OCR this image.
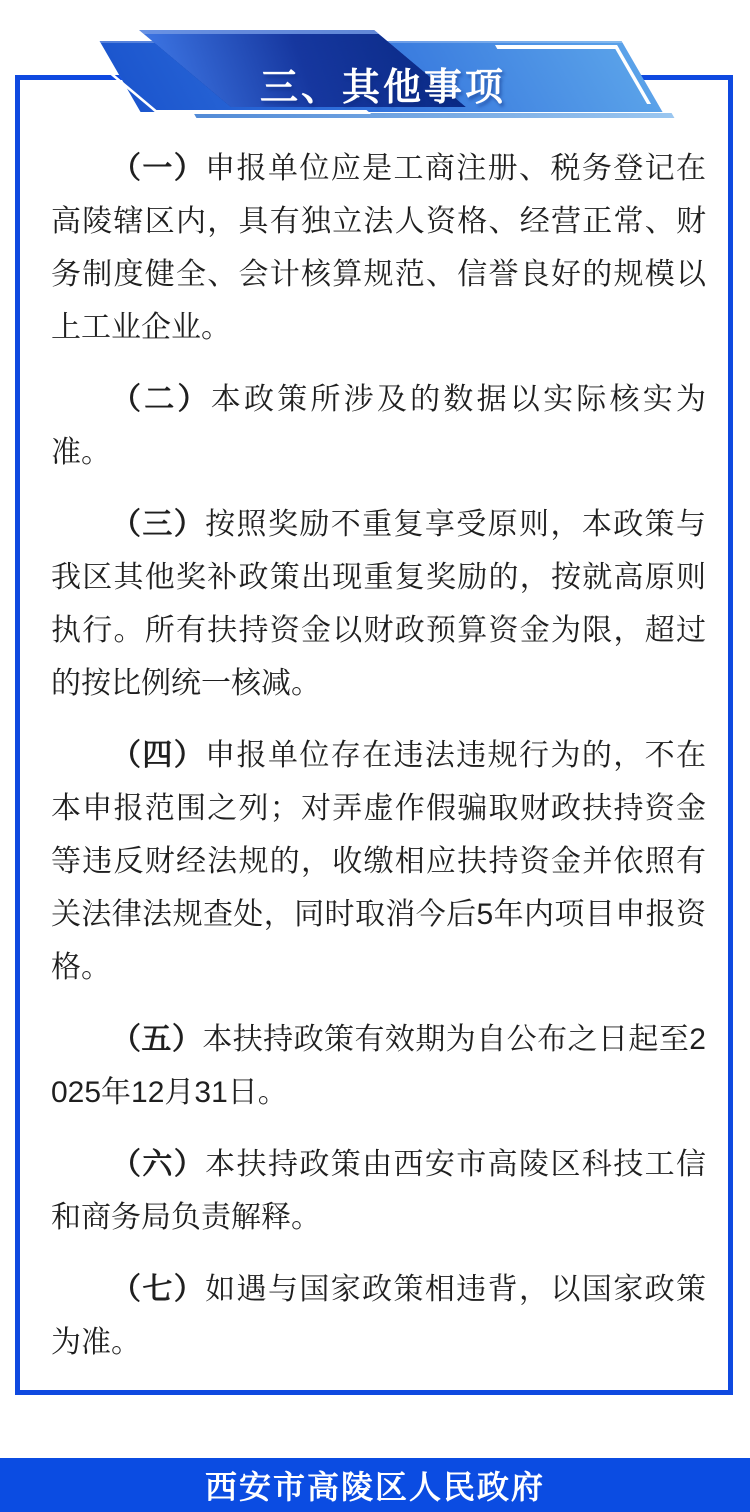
（一）申报单位应是工商注册、税务登记在高陵辖区内，具有独立法人资格、经营正常、财务制度健全、会计核算规范、信誉良好的规模以上工业企业。

（二）本政策所涉及的数据以实际核实为准。

（三）按照奖励不重复享受原则，本政策与我区其他奖补政策出现重复奖励的，按就高原则执行。所有扶持资金以财政预算资金为限，超过的按比例统一核减。

（四）申报单位存在违法违规行为的，不在本申报范围之列；对弄虚作假骗取财政扶持资金等违反财经法规的，收缴相应扶持资金并依照有关法律法规查处，同时取消今后5年内项目申报资格。

（五）本扶持政策有效期为自公布之日起至2025年12月31日。

（六）本扶持政策由西安市高陵区科技工信和商务局负责解释。

（七）如遇与国家政策相违背，以国家政策为准。

三、其他事项
西安市高陵区人民政府
